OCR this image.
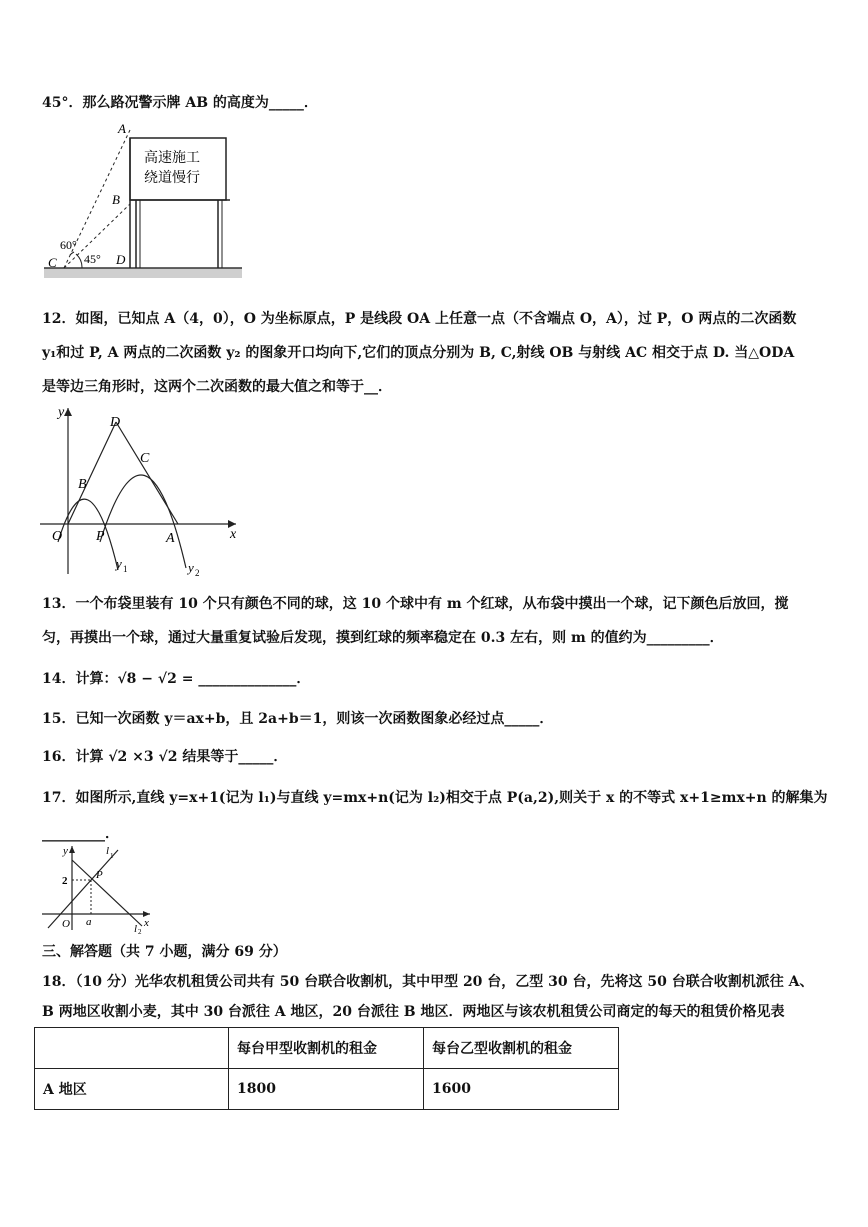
45°．那么路况警示牌 AB 的高度为_____．
A
B
C	D
60°
45°
高速施工
绕道慢行
12．如图，已知点 A（4，0），O 为坐标原点，P 是线段 OA 上任意一点（不含端点 O，A），过 P，O 两点的二次函数
y₁和过 P, A 两点的二次函数 y₂ 的图象开口均向下,它们的顶点分别为 B, C,射线 OB 与射线 AC 相交于点 D. 当△ODA
是等边三角形时，这两个二次函数的最大值之和等于__．
y
x
O P	A
B
C
D
y 1	y 2
13．一个布袋里装有 10 个只有颜色不同的球，这 10 个球中有 m 个红球，从布袋中摸出一个球，记下颜色后放回，搅
匀，再摸出一个球，通过大量重复试验后发现，摸到红球的频率稳定在 0.3 左右，则 m 的值约为_________．
14．计算：√8 − √2 = ______________．
15．已知一次函数 y＝ax+b，且 2a+b＝1，则该一次函数图象必经过点_____．
16．计算 √2 ×3 √2 结果等于_____．
17．如图所示,直线 y=x+1(记为 l₁)与直线 y=mx+n(记为 l₂)相交于点 P(a,2),则关于 x 的不等式 x+1≥mx+n 的解集为
_________．
y
x
O
P
a
2
l 1
l 2
三、解答题（共 7 小题，满分 69 分）
18．（10 分）光华农机租赁公司共有 50 台联合收割机，其中甲型 20 台，乙型 30 台，先将这 50 台联合收割机派往 A、
B 两地区收割小麦，其中 30 台派往 A 地区，20 台派往 B 地区．两地区与该农机租赁公司商定的每天的租赁价格见表
	每台甲型收割机的租金	每台乙型收割机的租金
A 地区	1800	1600
